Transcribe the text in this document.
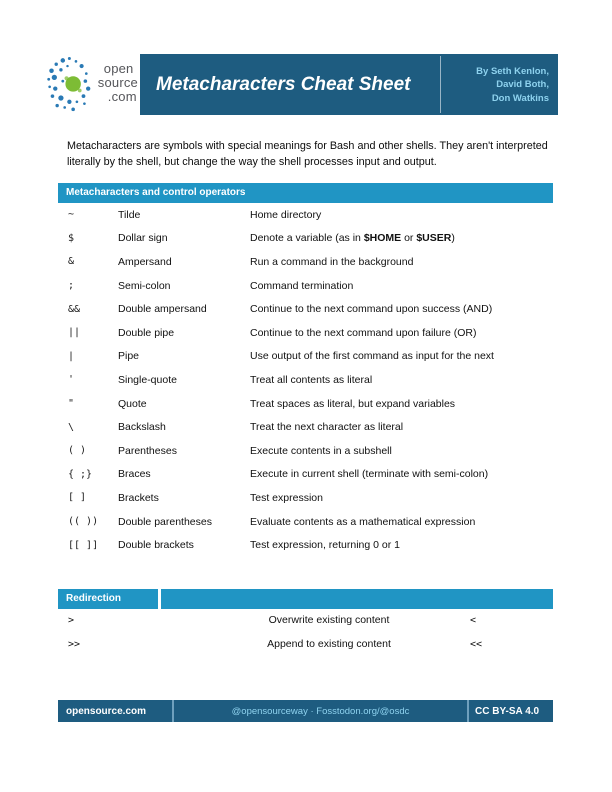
open
source
.com
Metacharacters Cheat Sheet
By Seth Kenlon,
David Both,
Don Watkins
Metacharacters are symbols with special meanings for Bash and other shells. They aren't interpreted literally by the shell, but change the way the shell processes input and output.
Metacharacters and control operators
~	Tilde	Home directory
$	Dollar sign	Denote a variable (as in $HOME or $USER)
&	Ampersand	Run a command in the background
;	Semi-colon	Command termination
&&	Double ampersand	Continue to the next command upon success (AND)
||	Double pipe	Continue to the next command upon failure (OR)
|	Pipe	Use output of the first command as input for the next
'	Single-quote	Treat all contents as literal
"	Quote	Treat spaces as literal, but expand variables
\	Backslash	Treat the next character as literal
( )	Parentheses	Execute contents in a subshell
{ ;}	Braces	Execute in current shell (terminate with semi-colon)
[ ]	Brackets	Test expression
(( ))	Double parentheses	Evaluate contents as a mathematical expression
[[ ]]	Double brackets	Test expression, returning 0 or 1
Redirection
>	Overwrite existing content	<
>>	Append to existing content	<<
opensource.com	@opensourceway · Fosstodon.org/@osdc	CC BY-SA 4.0
